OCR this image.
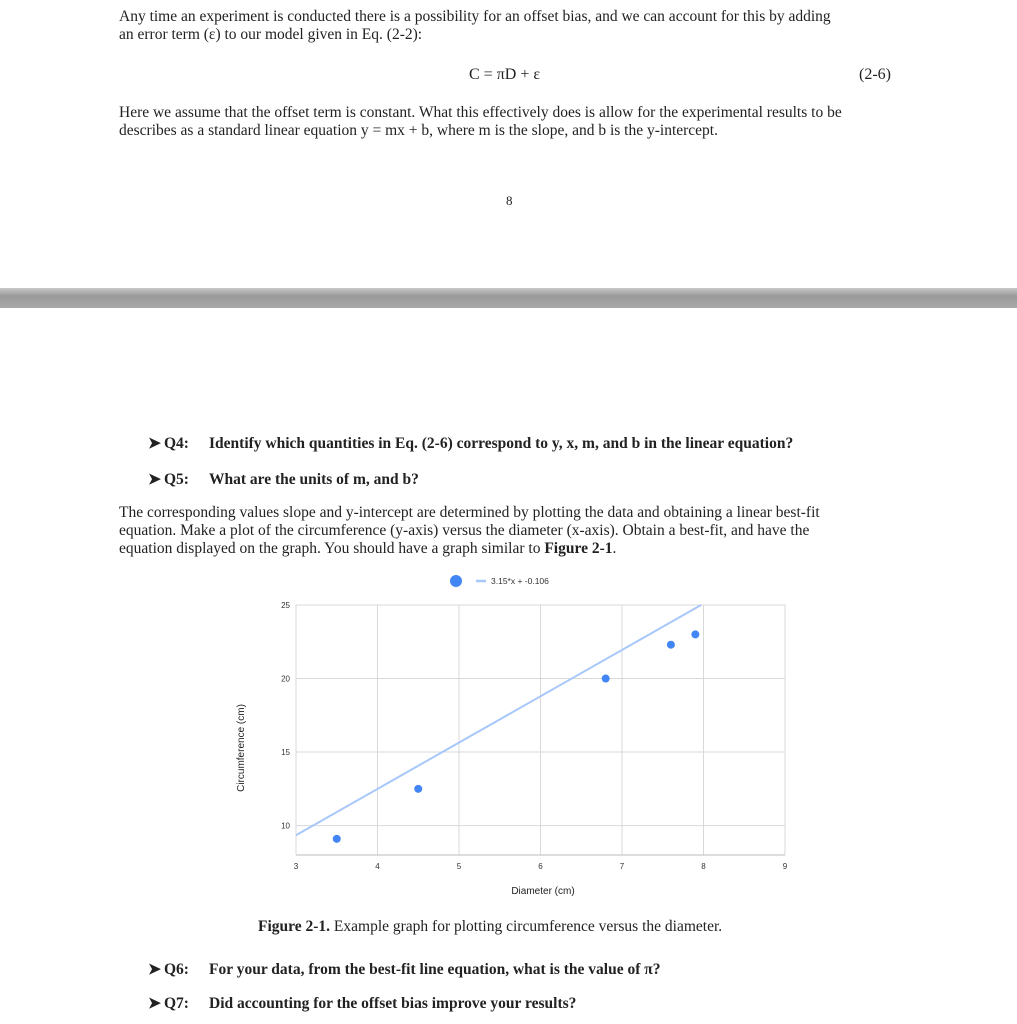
Any time an experiment is conducted there is a possibility for an offset bias, and we can account for this by adding
an error term (ε) to our model given in Eq. (2-2):
C = πD + ε	(2-6)
Here we assume that the offset term is constant. What this effectively does is allow for the experimental results to be
describes as a standard linear equation y = mx + b, where m is the slope, and b is the y-intercept.
8
➤ Q4: Identify which quantities in Eq. (2-6) correspond to y, x, m, and b in the linear equation?
➤ Q5: What are the units of m, and b?
The corresponding values slope and y-intercept are determined by plotting the data and obtaining a linear best-fit
equation. Make a plot of the circumference (y-axis) versus the diameter (x-axis). Obtain a best-fit, and have the
equation displayed on the graph. You should have a graph similar to Figure 2-1.
3	4	5	6	7	8	9
10
15
20
25
3.15*x + -0.106
Diameter (cm)
Circumference (cm)
Figure 2-1. Example graph for plotting circumference versus the diameter.
➤ Q6: For your data, from the best-fit line equation, what is the value of π?
➤ Q7: Did accounting for the offset bias improve your results?
